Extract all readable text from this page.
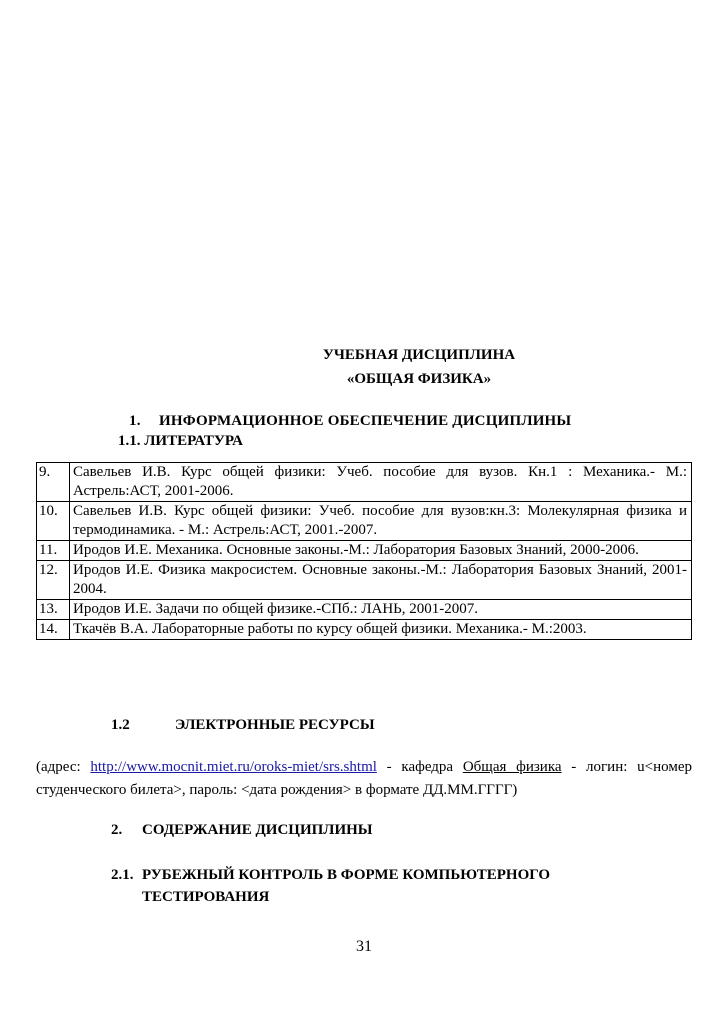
УЧЕБНАЯ ДИСЦИПЛИНА
«ОБЩАЯ ФИЗИКА»
1. ИНФОРМАЦИОННОЕ ОБЕСПЕЧЕНИЕ ДИСЦИПЛИНЫ
1.1. ЛИТЕРАТУРА
9.	Савельев И.В. Курс общей физики: Учеб. пособие для вузов. Кн.1 : Механика.- М.: Астрель:АСТ, 2001-2006.
10.	Савельев И.В. Курс общей физики: Учеб. пособие для вузов:кн.3: Молекулярная физика и термодинамика. - М.: Астрель:АСТ, 2001.-2007.
11.	Иродов И.Е. Механика. Основные законы.-М.: Лаборатория Базовых Знаний, 2000-2006.
12.	Иродов И.Е. Физика макросистем. Основные законы.-М.: Лаборатория Базовых Знаний, 2001-2004.
13.	Иродов И.Е. Задачи по общей физике.-СПб.: ЛАНЬ, 2001-2007.
14.	Ткачёв В.А. Лабораторные работы по курсу общей физики. Механика.- М.:2003.
1.2	ЭЛЕКТРОННЫЕ РЕСУРСЫ
(адрес: http://www.mocnit.miet.ru/oroks-miet/srs.shtml - кафедра Общая физика - логин: u<номер студенческого билета>, пароль: <дата рождения> в формате ДД.ММ.ГГГГ)
2. СОДЕРЖАНИЕ ДИСЦИПЛИНЫ
2.1. РУБЕЖНЫЙ КОНТРОЛЬ В ФОРМЕ КОМПЬЮТЕРНОГО ТЕСТИРОВАНИЯ
31
